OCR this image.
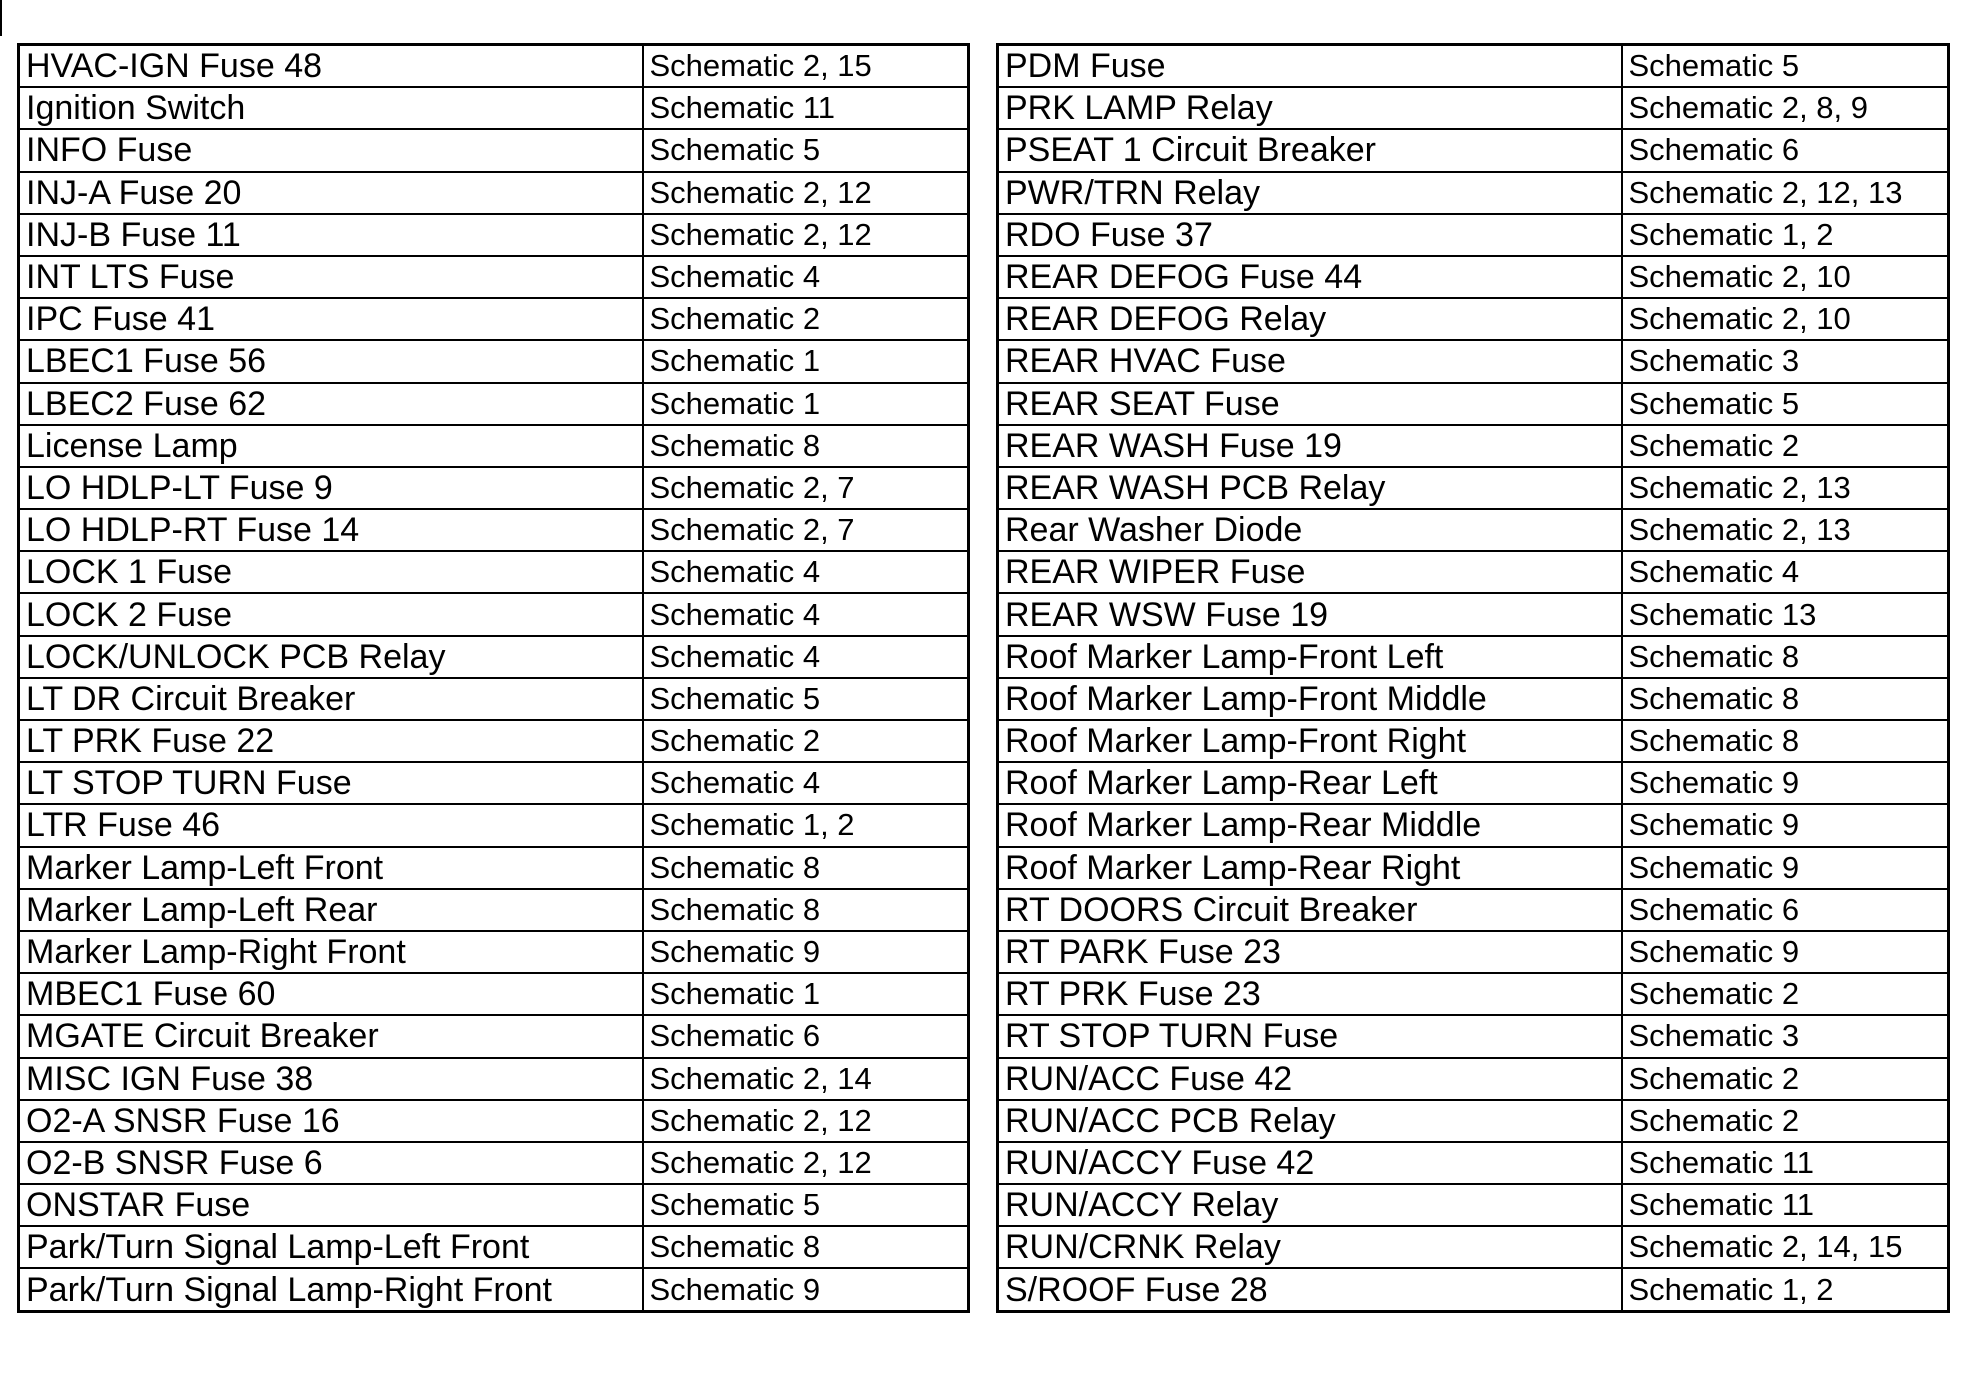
HVAC-IGN Fuse 48	Schematic 2, 15
Ignition Switch	Schematic 11
INFO Fuse	Schematic 5
INJ-A Fuse 20	Schematic 2, 12
INJ-B Fuse 11	Schematic 2, 12
INT LTS Fuse	Schematic 4
IPC Fuse 41	Schematic 2
LBEC1 Fuse 56	Schematic 1
LBEC2 Fuse 62	Schematic 1
License Lamp	Schematic 8
LO HDLP-LT Fuse 9	Schematic 2, 7
LO HDLP-RT Fuse 14	Schematic 2, 7
LOCK 1 Fuse	Schematic 4
LOCK 2 Fuse	Schematic 4
LOCK/UNLOCK PCB Relay	Schematic 4
LT DR Circuit Breaker	Schematic 5
LT PRK Fuse 22	Schematic 2
LT STOP TURN Fuse	Schematic 4
LTR Fuse 46	Schematic 1, 2
Marker Lamp-Left Front	Schematic 8
Marker Lamp-Left Rear	Schematic 8
Marker Lamp-Right Front	Schematic 9
MBEC1 Fuse 60	Schematic 1
MGATE Circuit Breaker	Schematic 6
MISC IGN Fuse 38	Schematic 2, 14
O2-A SNSR Fuse 16	Schematic 2, 12
O2-B SNSR Fuse 6	Schematic 2, 12
ONSTAR Fuse	Schematic 5
Park/Turn Signal Lamp-Left Front	Schematic 8
Park/Turn Signal Lamp-Right Front	Schematic 9
PDM Fuse	Schematic 5
PRK LAMP Relay	Schematic 2, 8, 9
PSEAT 1 Circuit Breaker	Schematic 6
PWR/TRN Relay	Schematic 2, 12, 13
RDO Fuse 37	Schematic 1, 2
REAR DEFOG Fuse 44	Schematic 2, 10
REAR DEFOG Relay	Schematic 2, 10
REAR HVAC Fuse	Schematic 3
REAR SEAT Fuse	Schematic 5
REAR WASH Fuse 19	Schematic 2
REAR WASH PCB Relay	Schematic 2, 13
Rear Washer Diode	Schematic 2, 13
REAR WIPER Fuse	Schematic 4
REAR WSW Fuse 19	Schematic 13
Roof Marker Lamp-Front Left	Schematic 8
Roof Marker Lamp-Front Middle	Schematic 8
Roof Marker Lamp-Front Right	Schematic 8
Roof Marker Lamp-Rear Left	Schematic 9
Roof Marker Lamp-Rear Middle	Schematic 9
Roof Marker Lamp-Rear Right	Schematic 9
RT DOORS Circuit Breaker	Schematic 6
RT PARK Fuse 23	Schematic 9
RT PRK Fuse 23	Schematic 2
RT STOP TURN Fuse	Schematic 3
RUN/ACC Fuse 42	Schematic 2
RUN/ACC PCB Relay	Schematic 2
RUN/ACCY Fuse 42	Schematic 11
RUN/ACCY Relay	Schematic 11
RUN/CRNK Relay	Schematic 2, 14, 15
S/ROOF Fuse 28	Schematic 1, 2
